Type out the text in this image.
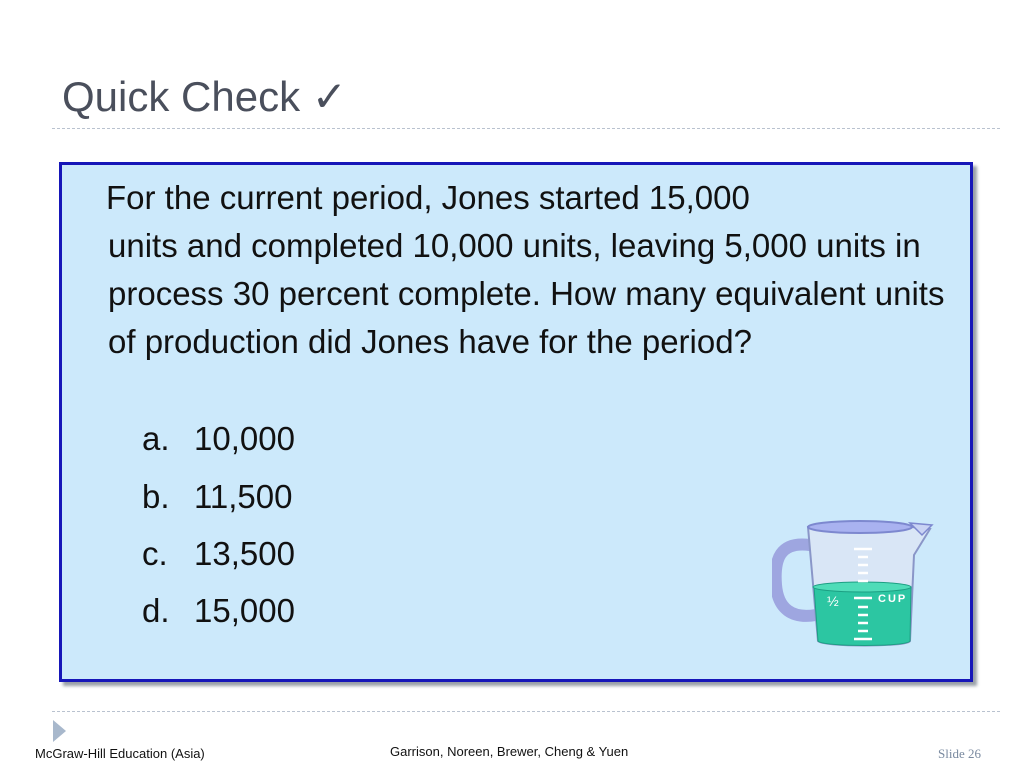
Quick Check ✓
For the current period, Jones started 15,000
units and completed 10,000 units, leaving 5,000 units in process 30 percent complete. How many equivalent units of production did Jones have for the period?
a. 10,000
b. 11,500
c. 13,500
d. 15,000	½	CUP
McGraw-Hill Education (Asia)	Garrison, Noreen, Brewer, Cheng & Yuen	Slide 26
